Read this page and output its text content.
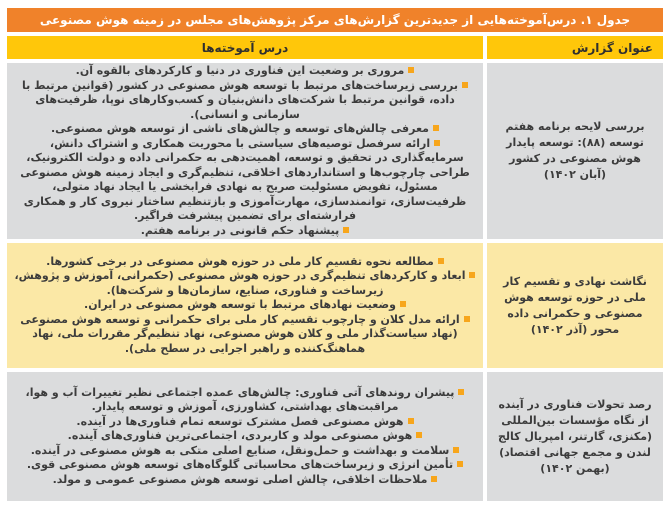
جدول ۱. درس‌آموخته‌هایی از جدیدترین گزارش‌های مرکز پژوهش‌های مجلس در زمینه هوش مصنوعی
عنوان گزارش
درس آموخته‌ها
بررسی لایحه برنامه هفتم توسعه (۸۸): توسعه پایدار هوش مصنوعی در کشور (آبان ۱۴۰۲)
مروری بر وضعیت این فناوری در دنیا و کارکردهای بالقوه آن.
بررسی زیرساخت‌های مرتبط با توسعه هوش مصنوعی در کشور (قوانین مرتبط با داده، قوانین مرتبط با شرکت‌های دانش‌بنیان و کسب‌وکارهای نوپا، ظرفیت‌های سازمانی و انسانی).
معرفی چالش‌های توسعه و چالش‌های ناشی از توسعه هوش مصنوعی.
ارائه سرفصل توصیه‌های سیاستی با محوریت همکاری و اشتراک دانش، سرمایه‌گذاری در تحقیق و توسعه، اهمیت‌دهی به حکمرانی داده و دولت الکترونیک، طراحی چارچوب‌ها و استانداردهای اخلاقی، تنظیم‌گری و ایجاد زمینه هوش مصنوعی مسئول، تفویض مسئولیت صریح به نهادی فرابخشی یا ایجاد نهاد متولی، ظرفیت‌سازی، توانمندسازی، مهارت‌آموزی و بازتنظیم ساختار نیروی کار و همکاری فرارشته‌ای برای تضمین پیشرفت فراگیر.
پیشنهاد حکم قانونی در برنامه هفتم.
نگاشت نهادی و تقسیم کار ملی در حوزه توسعه هوش مصنوعی و حکمرانی داده محور (آذر ۱۴۰۲)
مطالعه نحوه تقسیم کار ملی در حوزه هوش مصنوعی در برخی کشورها.
ابعاد و کارکردهای تنظیم‌گری در حوزه هوش مصنوعی (حکمرانی، آموزش و پژوهش، زیرساخت و فناوری، صنایع، سازمان‌ها و شرکت‌ها).
وضعیت نهادهای مرتبط با توسعه هوش مصنوعی در ایران.
ارائه مدل کلان و چارچوب تقسیم کار ملی برای حکمرانی و توسعه هوش مصنوعی (نهاد سیاست‌گذار ملی و کلان هوش مصنوعی، نهاد تنظیم‌گر مقررات ملی، نهاد هماهنگ‌کننده و راهبر اجرایی در سطح ملی).
رصد تحولات فناوری در آینده از نگاه مؤسسات بین‌المللی (مکنزی، گارتنر، امپریال کالج لندن و مجمع جهانی اقتصاد) (بهمن ۱۴۰۲)
پیشران روندهای آتی فناوری: چالش‌های عمده اجتماعی نظیر تغییرات آب و هوا، مراقبت‌های بهداشتی، کشاورزی، آموزش و توسعه پایدار.
هوش مصنوعی فصل مشترک توسعه تمام فناوری‌ها در آینده.
هوش مصنوعی مولد و کاربردی، اجتماعی‌ترین فناوری‌های آینده.
سلامت و بهداشت و حمل‌ونقل، صنایع اصلی متکی به هوش مصنوعی در آینده.
تأمین انرژی و زیرساخت‌های محاسباتی گلوگاه‌های توسعه هوش مصنوعی قوی.
ملاحظات اخلاقی، چالش اصلی توسعه هوش مصنوعی عمومی و مولد.
